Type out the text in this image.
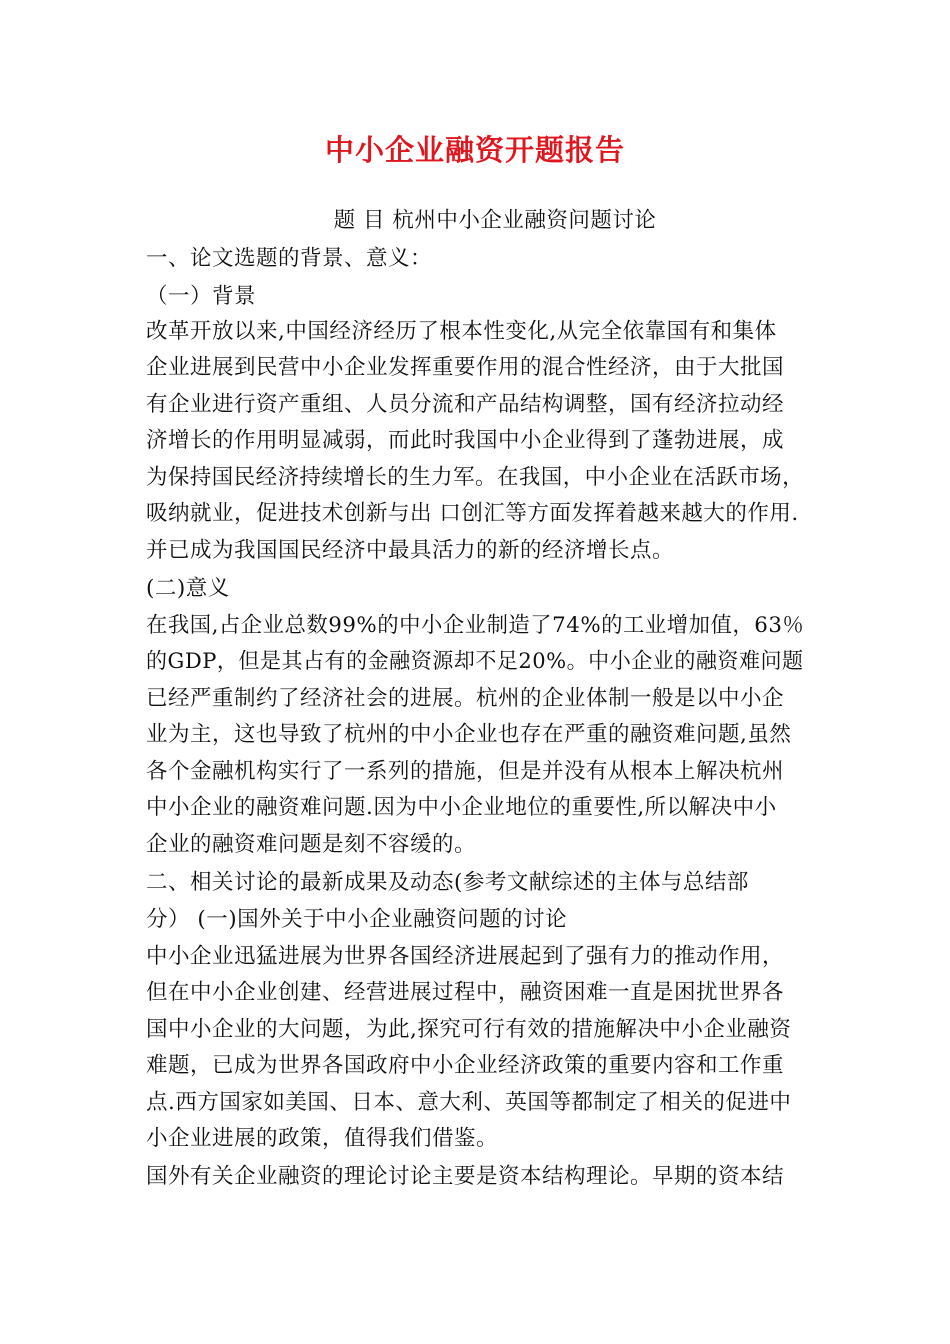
中小企业融资开题报告
题 目 杭州中小企业融资问题讨论
一、论文选题的背景、意义：
（一）背景
改革开放以来,中国经济经历了根本性变化,从完全依靠国有和集体
企业进展到民营中小企业发挥重要作用的混合性经济，由于大批国
有企业进行资产重组、人员分流和产品结构调整，国有经济拉动经
济增长的作用明显减弱，而此时我国中小企业得到了蓬勃进展，成
为保持国民经济持续增长的生力军。在我国，中小企业在活跃市场，
吸纳就业，促进技术创新与出 口创汇等方面发挥着越来越大的作用.
并已成为我国国民经济中最具活力的新的经济增长点。
(二)意义
在我国,占企业总数99%的中小企业制造了74%的工业增加值，63％
的GDP，但是其占有的金融资源却不足20%。中小企业的融资难问题
已经严重制约了经济社会的进展。杭州的企业体制一般是以中小企
业为主，这也导致了杭州的中小企业也存在严重的融资难问题,虽然
各个金融机构实行了一系列的措施，但是并没有从根本上解决杭州
中小企业的融资难问题.因为中小企业地位的重要性,所以解决中小
企业的融资难问题是刻不容缓的。
二、相关讨论的最新成果及动态(参考文献综述的主体与总结部
分） (一)国外关于中小企业融资问题的讨论
中小企业迅猛进展为世界各国经济进展起到了强有力的推动作用，
但在中小企业创建、经营进展过程中，融资困难一直是困扰世界各
国中小企业的大问题，为此,探究可行有效的措施解决中小企业融资
难题，已成为世界各国政府中小企业经济政策的重要内容和工作重
点.西方国家如美国、日本、意大利、英国等都制定了相关的促进中
小企业进展的政策，值得我们借鉴。
国外有关企业融资的理论讨论主要是资本结构理论。早期的资本结
